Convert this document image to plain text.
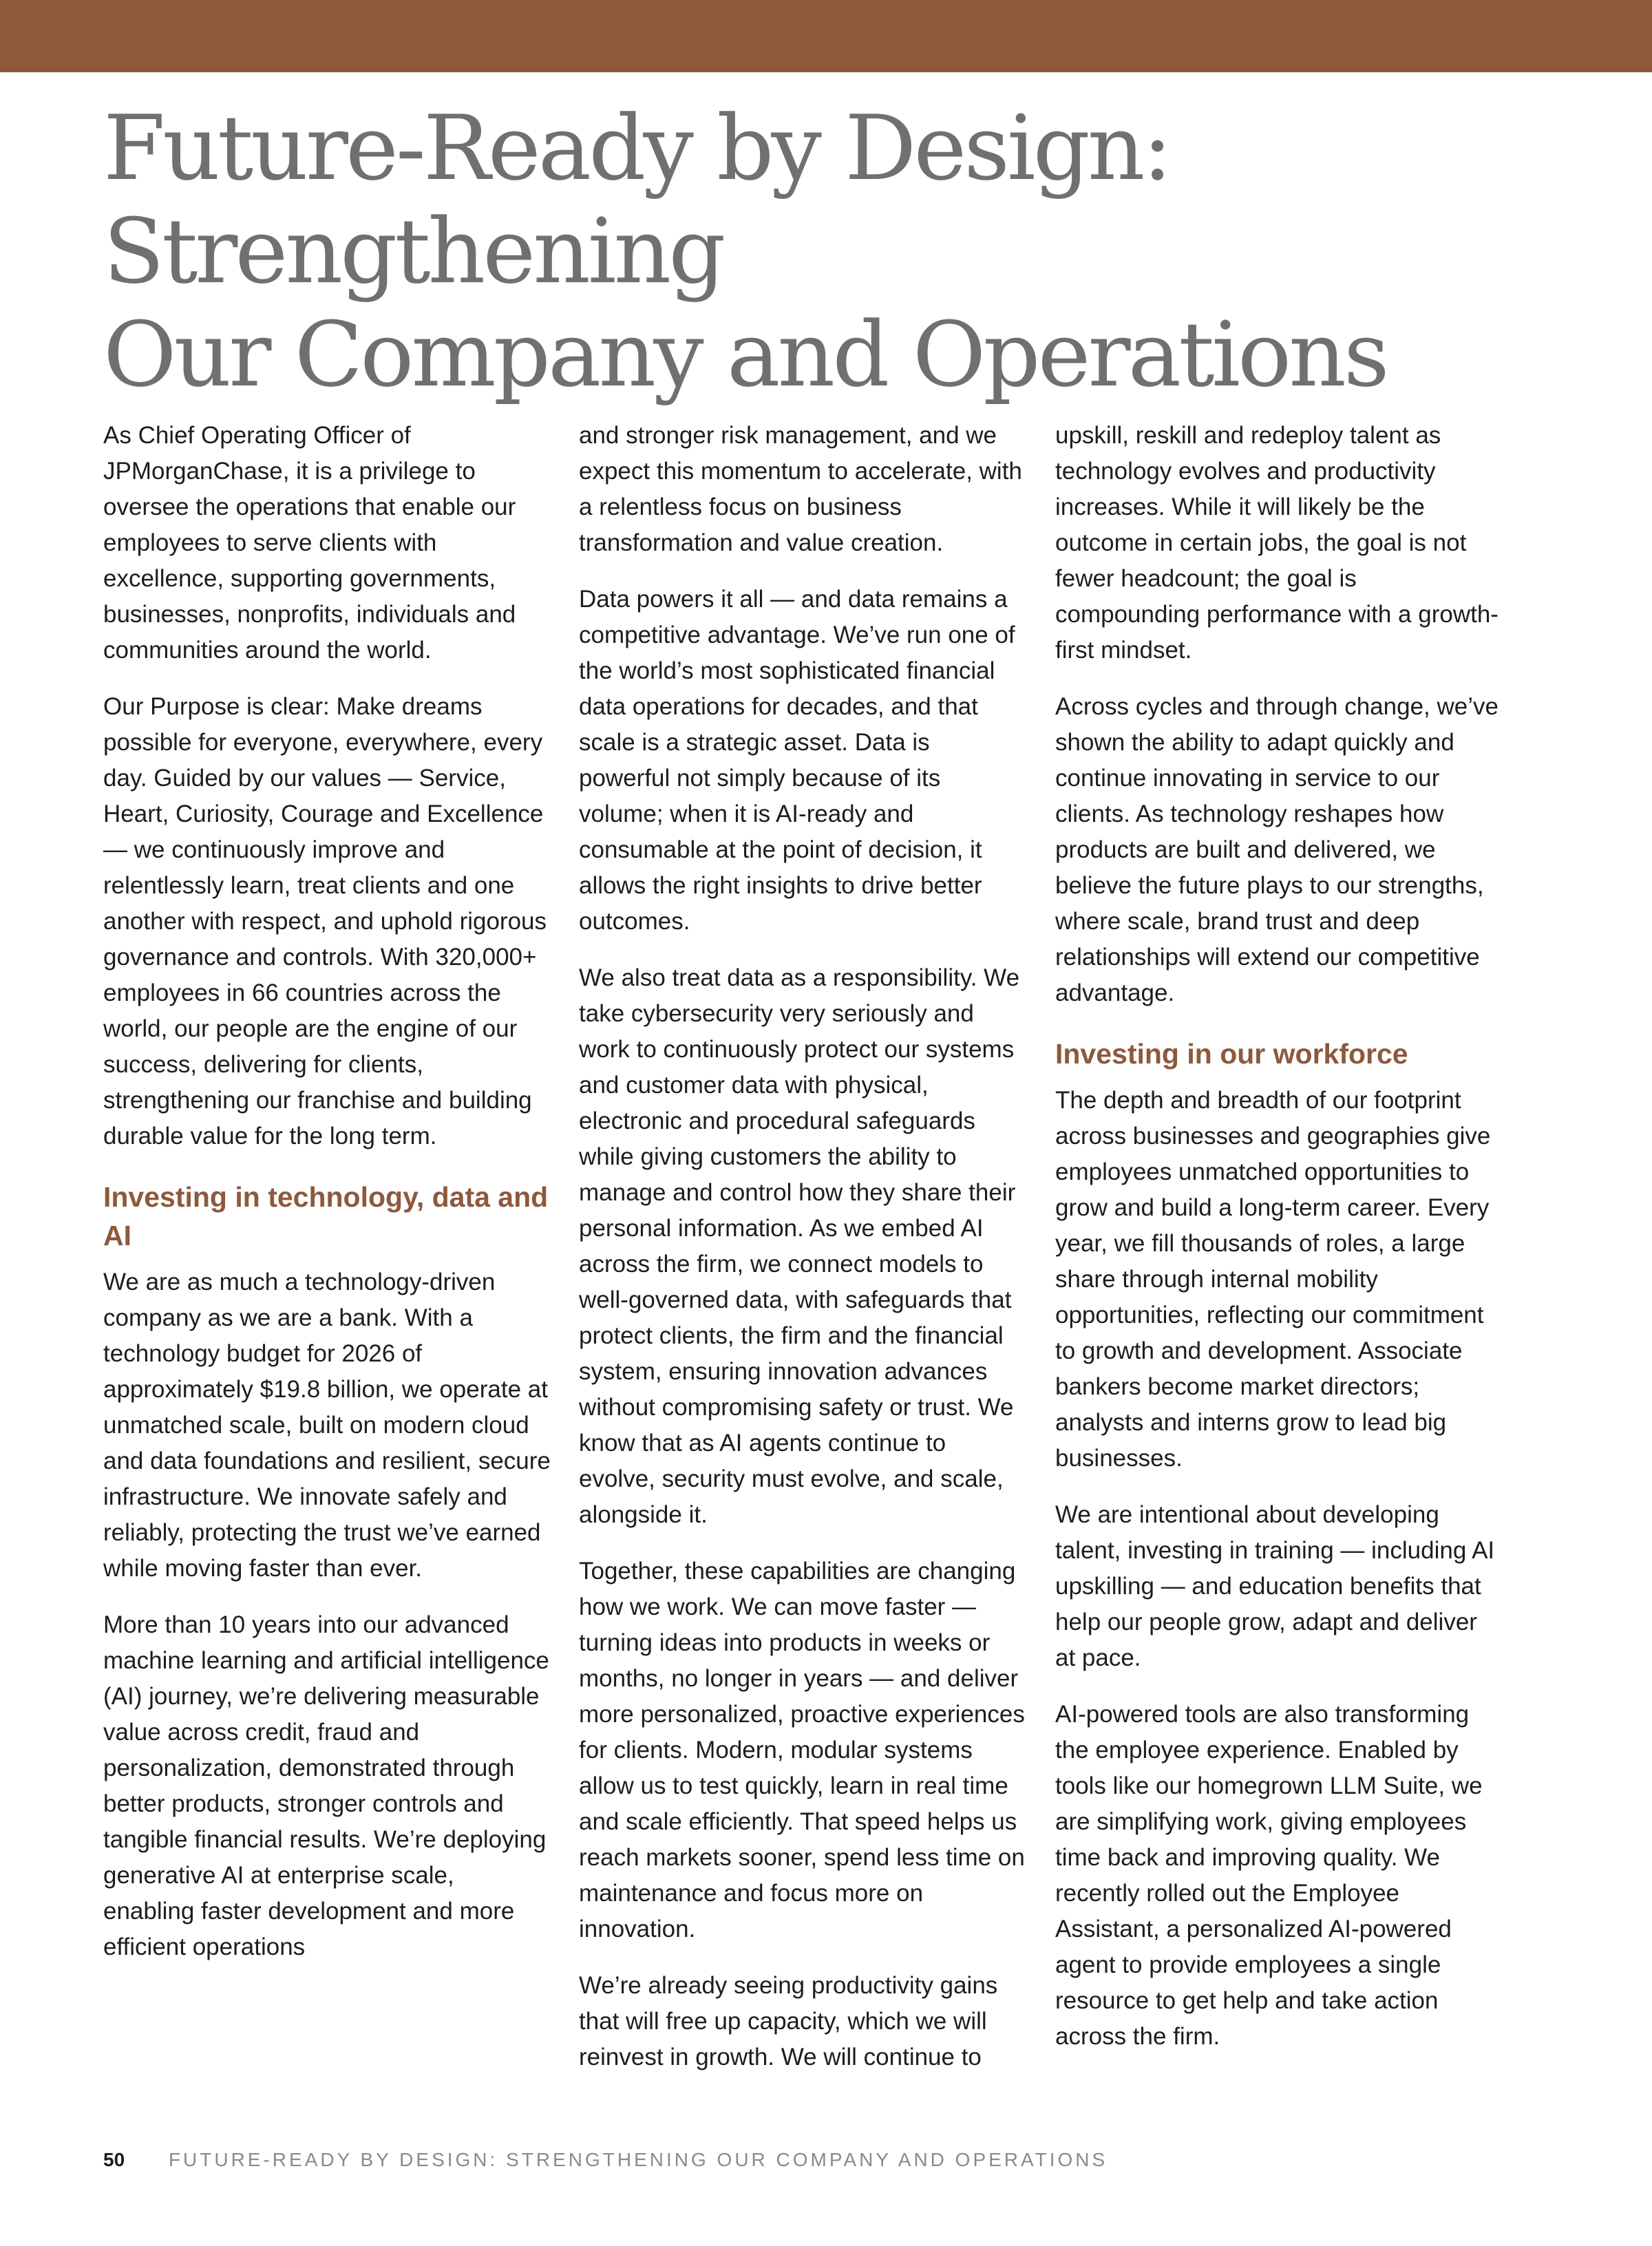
Future-Ready by Design: Strengthening
Our Company and Operations

As Chief Operating Officer of JPMorganChase, it is a privilege to oversee the operations that enable our employees to serve clients with excellence, supporting governments, businesses, nonprofits, individuals and communities around the world.

Our Purpose is clear: Make dreams possible for everyone, everywhere, every day. Guided by our values — Service, Heart, Curiosity, Courage and Excellence — we continuously improve and relentlessly learn, treat clients and one another with respect, and uphold rigorous governance and controls. With 320,000+ employees in 66 countries across the world, our people are the engine of our success, delivering for clients, strengthening our franchise and building durable value for the long term.

Investing in technology, data and AI

We are as much a technology-driven company as we are a bank. With a technology budget for 2026 of approximately $19.8 billion, we operate at unmatched scale, built on modern cloud and data foundations and resilient, secure infrastructure. We innovate safely and reliably, protecting the trust we’ve earned while moving faster than ever.

More than 10 years into our advanced machine learning and artificial intelligence (AI) journey, we’re delivering measurable value across credit, fraud and personalization, demonstrated through better products, stronger controls and tangible financial results. We’re deploying generative AI at enterprise scale, enabling faster development and more efficient operations

and stronger risk management, and we expect this momentum to accelerate, with a relentless focus on business transformation and value creation.

Data powers it all — and data remains a competitive advantage. We’ve run one of the world’s most sophisticated financial data operations for decades, and that scale is a strategic asset. Data is powerful not simply because of its volume; when it is AI-ready and consumable at the point of decision, it allows the right insights to drive better outcomes.

We also treat data as a responsibility. We take cybersecurity very seriously and work to continuously protect our systems and customer data with physical, electronic and procedural safeguards while giving customers the ability to manage and control how they share their personal information. As we embed AI across the firm, we connect models to well-governed data, with safeguards that protect clients, the firm and the financial system, ensuring innovation advances without compromising safety or trust. We know that as AI agents continue to evolve, security must evolve, and scale, alongside it.

Together, these capabilities are changing how we work. We can move faster — turning ideas into products in weeks or months, no longer in years — and deliver more personalized, proactive experiences for clients. Modern, modular systems allow us to test quickly, learn in real time and scale efficiently. That speed helps us reach markets sooner, spend less time on maintenance and focus more on innovation.

We’re already seeing productivity gains that will free up capacity, which we will reinvest in growth. We will continue to

upskill, reskill and redeploy talent as technology evolves and productivity increases. While it will likely be the outcome in certain jobs, the goal is not fewer headcount; the goal is compounding performance with a growth-first mindset.

Across cycles and through change, we’ve shown the ability to adapt quickly and continue innovating in service to our clients. As technology reshapes how products are built and delivered, we believe the future plays to our strengths, where scale, brand trust and deep relationships will extend our competitive advantage.

Investing in our workforce

The depth and breadth of our footprint across businesses and geographies give employees unmatched opportunities to grow and build a long-term career. Every year, we fill thousands of roles, a large share through internal mobility opportunities, reflecting our commitment to growth and development. Associate bankers become market directors; analysts and interns grow to lead big businesses.

We are intentional about developing talent, investing in training — including AI upskilling — and education benefits that help our people grow, adapt and deliver at pace.

AI-powered tools are also transforming the employee experience. Enabled by tools like our homegrown LLM Suite, we are simplifying work, giving employees time back and improving quality. We recently rolled out the Employee Assistant, a personalized AI-powered agent to provide employees a single resource to get help and take action across the firm.

50 FUTURE-READY BY DESIGN: STRENGTHENING OUR COMPANY AND OPERATIONS
